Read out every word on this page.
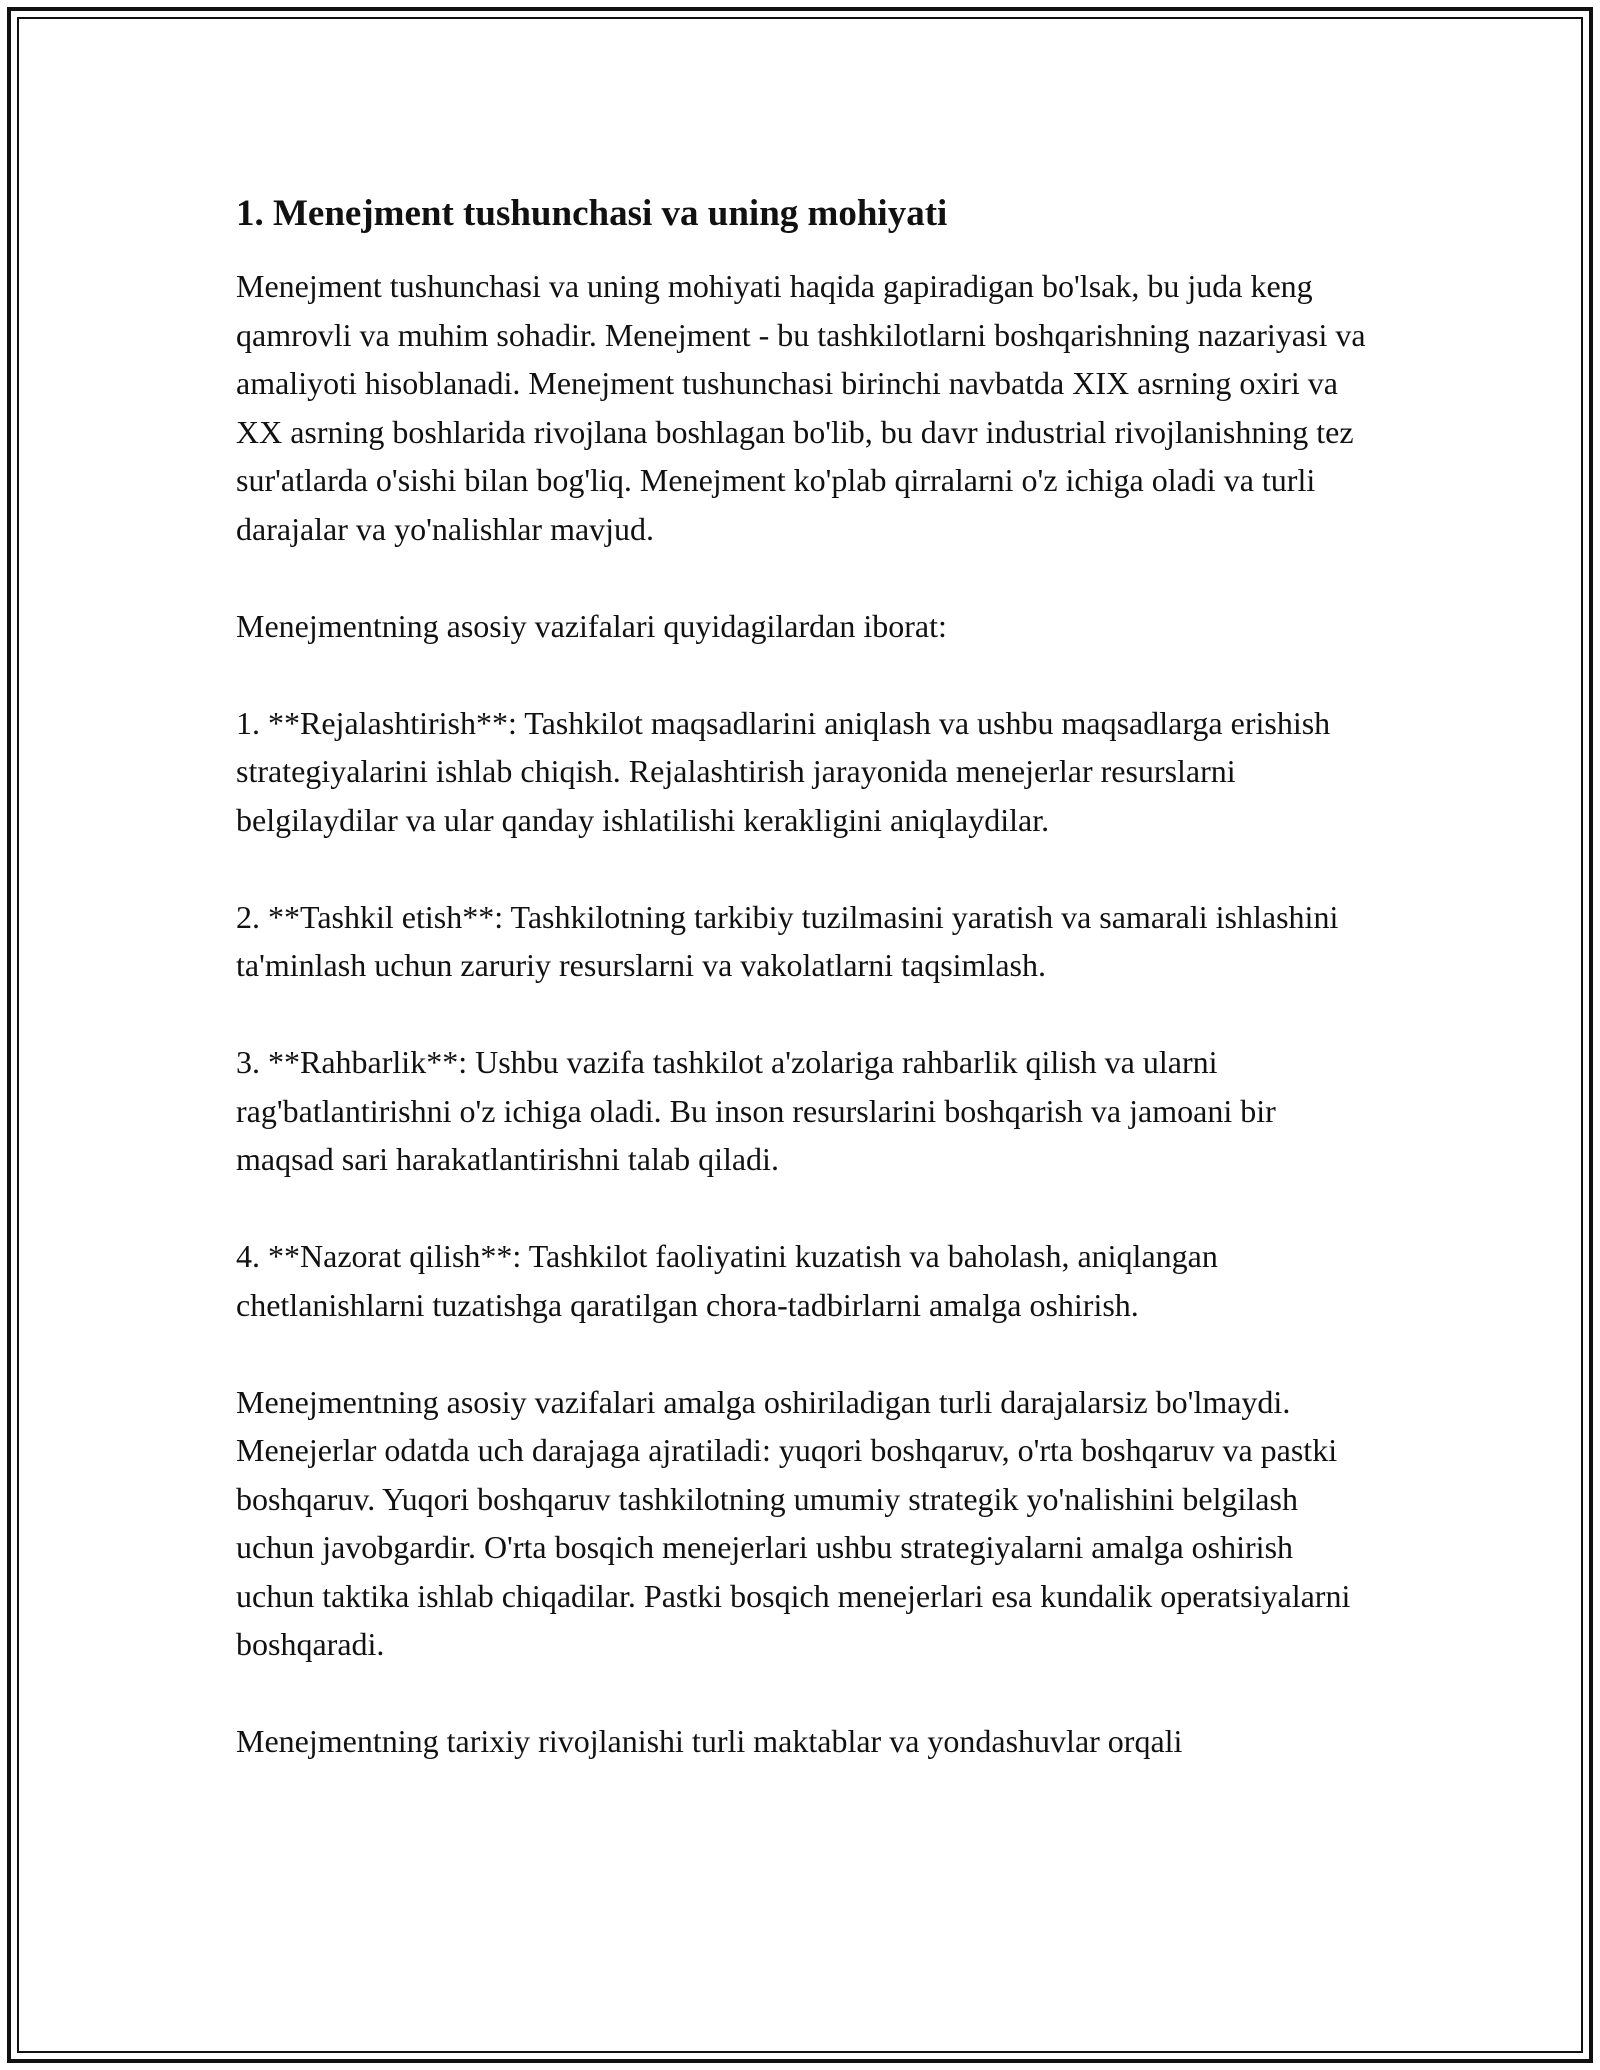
1. Menejment tushunchasi va uning mohiyati

Menejment tushunchasi va uning mohiyati haqida gapiradigan bo'lsak, bu juda keng qamrovli va muhim sohadir. Menejment - bu tashkilotlarni boshqarishning nazariyasi va amaliyoti hisoblanadi. Menejment tushunchasi birinchi navbatda XIX asrning oxiri va XX asrning boshlarida rivojlana boshlagan bo'lib, bu davr industrial rivojlanishning tez sur'atlarda o'sishi bilan bog'liq. Menejment ko'plab qirralarni o'z ichiga oladi va turli darajalar va yo'nalishlar mavjud.

Menejmentning asosiy vazifalari quyidagilardan iborat:

1. **Rejalashtirish**: Tashkilot maqsadlarini aniqlash va ushbu maqsadlarga erishish strategiyalarini ishlab chiqish. Rejalashtirish jarayonida menejerlar resurslarni belgilaydilar va ular qanday ishlatilishi kerakligini aniqlaydilar.

2. **Tashkil etish**: Tashkilotning tarkibiy tuzilmasini yaratish va samarali ishlashini ta'minlash uchun zaruriy resurslarni va vakolatlarni taqsimlash.

3. **Rahbarlik**: Ushbu vazifa tashkilot a'zolariga rahbarlik qilish va ularni rag'batlantirishni o'z ichiga oladi. Bu inson resurslarini boshqarish va jamoani bir maqsad sari harakatlantirishni talab qiladi.

4. **Nazorat qilish**: Tashkilot faoliyatini kuzatish va baholash, aniqlangan chetlanishlarni tuzatishga qaratilgan chora-tadbirlarni amalga oshirish.

Menejmentning asosiy vazifalari amalga oshiriladigan turli darajalarsiz bo'lmaydi. Menejerlar odatda uch darajaga ajratiladi: yuqori boshqaruv, o'rta boshqaruv va pastki boshqaruv. Yuqori boshqaruv tashkilotning umumiy strategik yo'nalishini belgilash uchun javobgardir. O'rta bosqich menejerlari ushbu strategiyalarni amalga oshirish uchun taktika ishlab chiqadilar. Pastki bosqich menejerlari esa kundalik operatsiyalarni boshqaradi.

Menejmentning tarixiy rivojlanishi turli maktablar va yondashuvlar orqali
